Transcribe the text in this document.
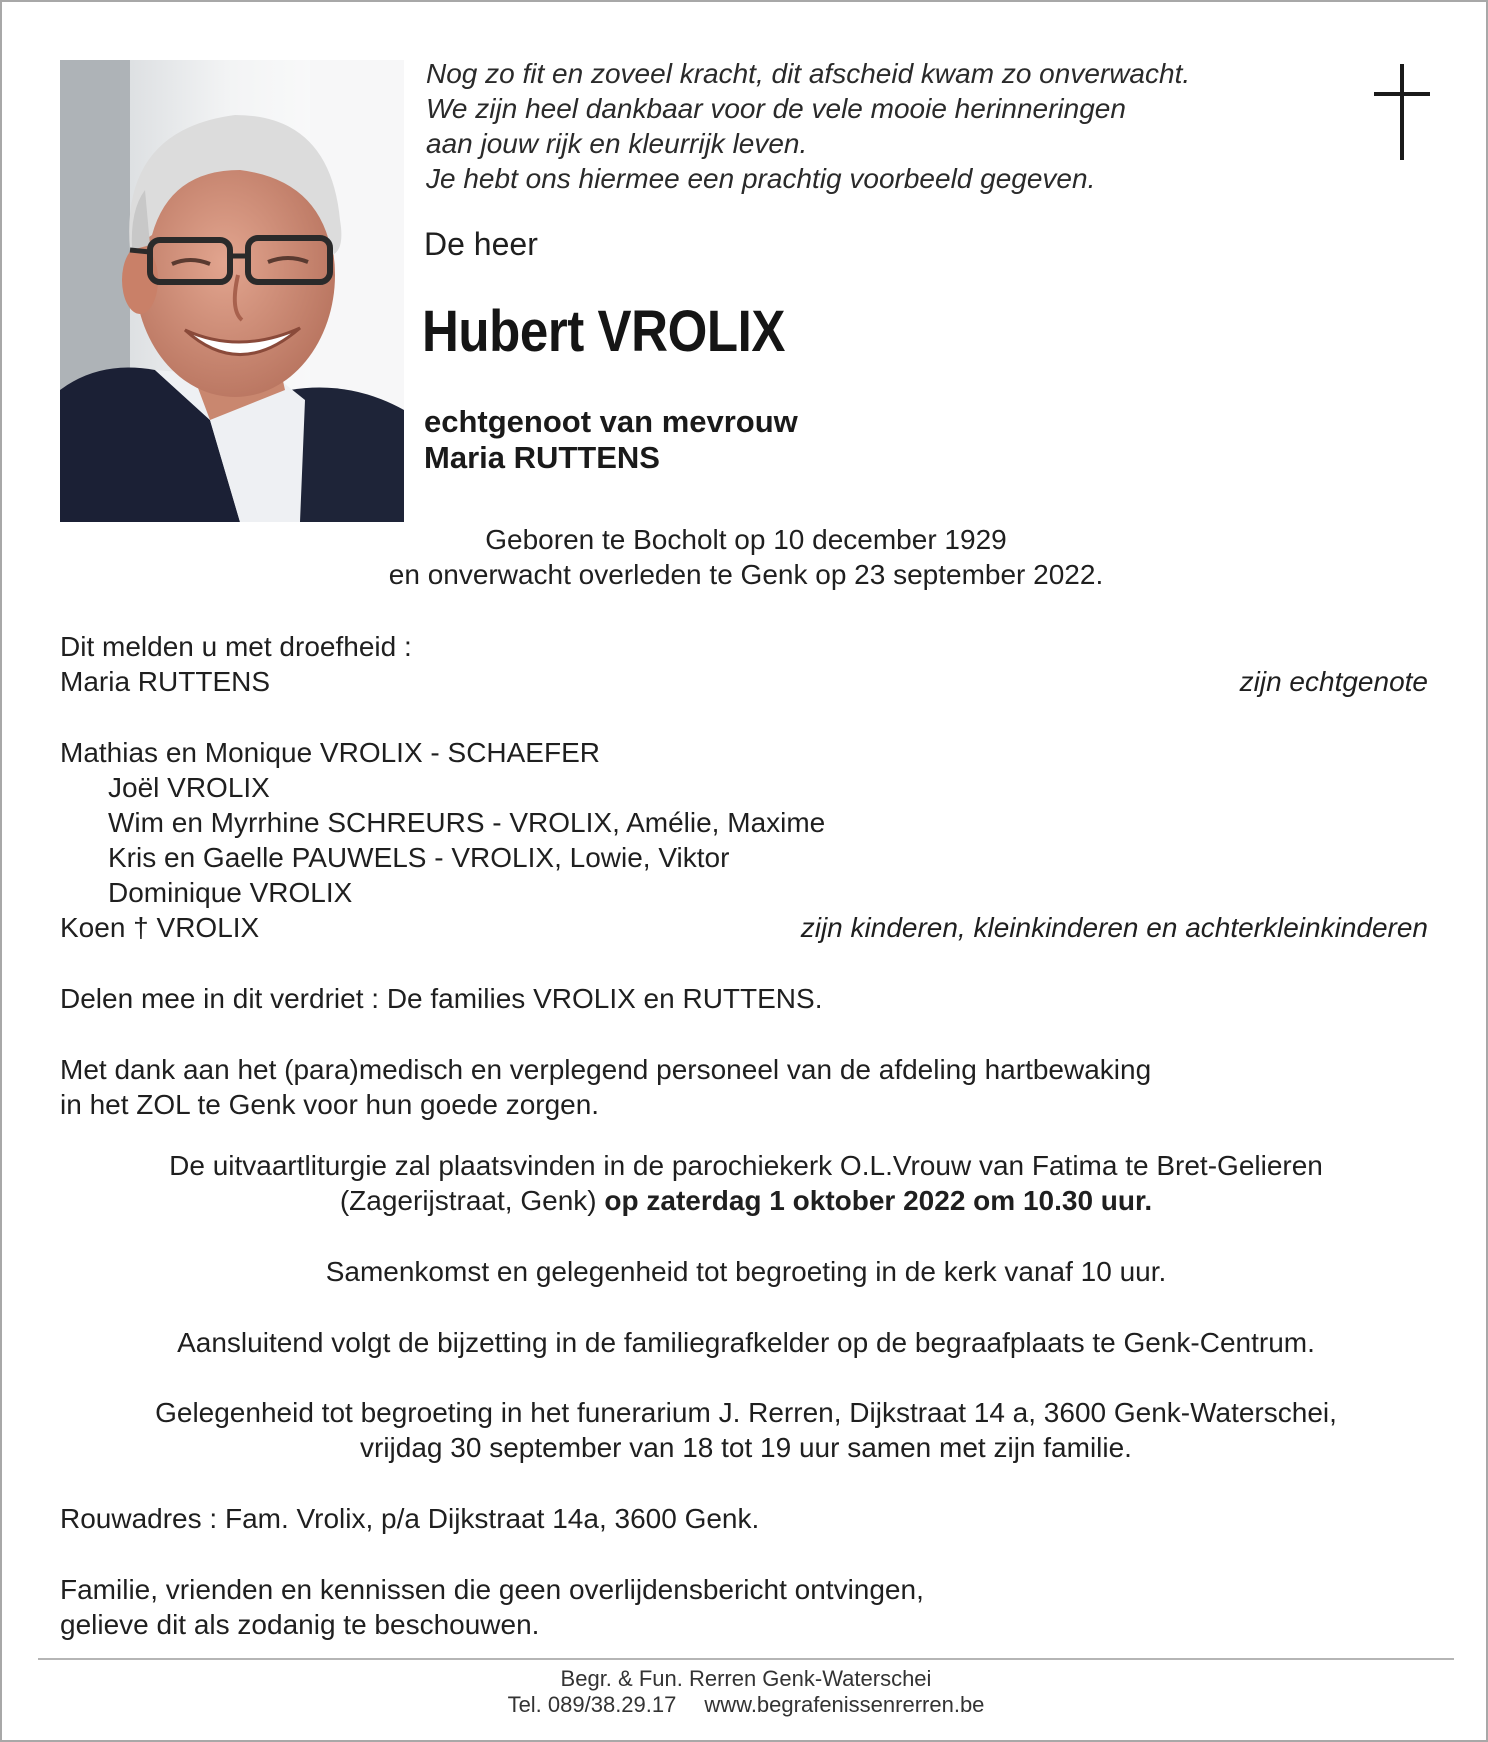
Nog zo fit en zoveel kracht, dit afscheid kwam zo onverwacht.
We zijn heel dankbaar voor de vele mooie herinneringen
aan jouw rijk en kleurrijk leven.
Je hebt ons hiermee een prachtig voorbeeld gegeven.
De heer
Hubert VROLIX
echtgenoot van mevrouw
Maria RUTTENS
Geboren te Bocholt op 10 december 1929
en onverwacht overleden te Genk op 23 september 2022.
Dit melden u met droefheid :
Maria RUTTENS	zijn echtgenote
Mathias en Monique VROLIX - SCHAEFER
Joël VROLIX
Wim en Myrrhine SCHREURS - VROLIX, Amélie, Maxime
Kris en Gaelle PAUWELS - VROLIX, Lowie, Viktor
Dominique VROLIX
Koen † VROLIX	zijn kinderen, kleinkinderen en achterkleinkinderen
Delen mee in dit verdriet : De families VROLIX en RUTTENS.
Met dank aan het (para)medisch en verplegend personeel van de afdeling hartbewaking
in het ZOL te Genk voor hun goede zorgen.
De uitvaartliturgie zal plaatsvinden in de parochiekerk O.L.Vrouw van Fatima te Bret-Gelieren
(Zagerijstraat, Genk) op zaterdag 1 oktober 2022 om 10.30 uur.
Samenkomst en gelegenheid tot begroeting in de kerk vanaf 10 uur.
Aansluitend volgt de bijzetting in de familiegrafkelder op de begraafplaats te Genk-Centrum.
Gelegenheid tot begroeting in het funerarium J. Rerren, Dijkstraat 14 a, 3600 Genk-Waterschei,
vrijdag 30 september van 18 tot 19 uur samen met zijn familie.
Rouwadres : Fam. Vrolix, p/a Dijkstraat 14a, 3600 Genk.
Familie, vrienden en kennissen die geen overlijdensbericht ontvingen,
gelieve dit als zodanig te beschouwen.
Begr. & Fun. Rerren Genk-Waterschei
Tel. 089/38.29.17 www.begrafenissenrerren.be
